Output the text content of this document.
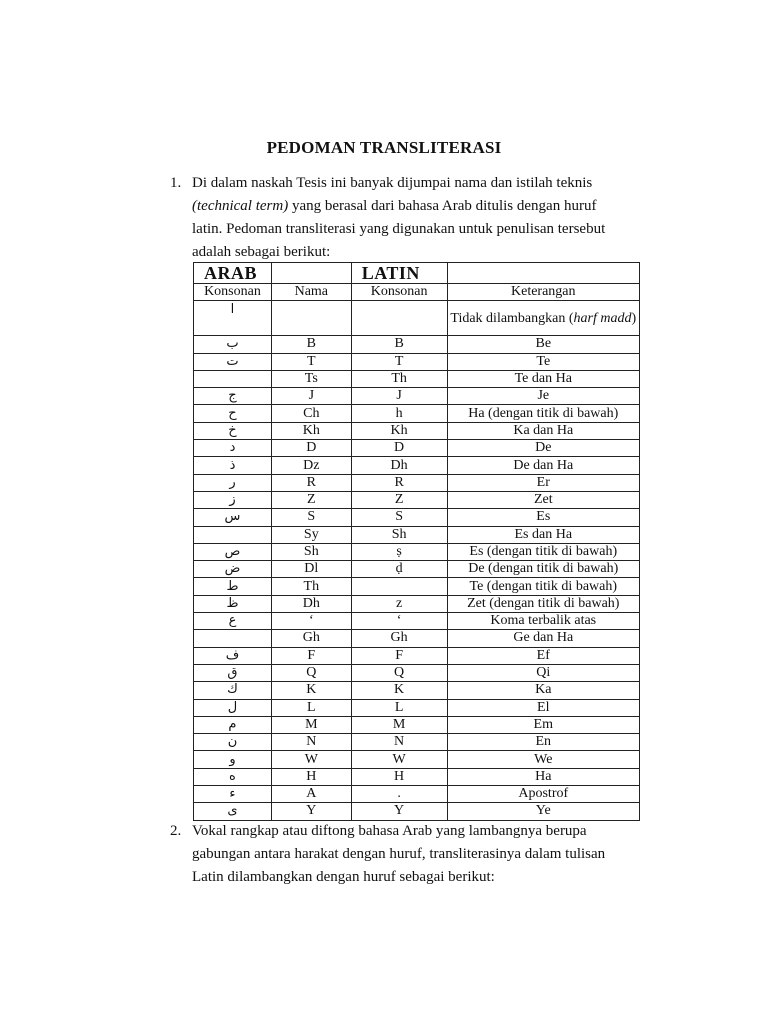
PEDOMAN TRANSLITERASI
1. Di dalam naskah Tesis ini banyak dijumpai nama dan istilah teknis
(technical term) yang berasal dari bahasa Arab ditulis dengan huruf
latin. Pedoman transliterasi yang digunakan untuk penulisan tersebut
adalah sebagai berikut:
ARAB		LATIN	
Konsonan	Nama	Konsonan	Keterangan
ا			Tidak dilambangkan (harf madd)
ب	B	B	Be
ت	T	T	Te
	Ts	Th	Te dan Ha
ج	J	J	Je
ح	Ch	h	Ha (dengan titik di bawah)
خ	Kh	Kh	Ka dan Ha
د	D	D	De
ذ	Dz	Dh	De dan Ha
ر	R	R	Er
ز	Z	Z	Zet
س	S	S	Es
	Sy	Sh	Es dan Ha
ص	Sh	ṣ	Es (dengan titik di bawah)
ض	Dl	ḍ	De (dengan titik di bawah)
ط	Th		Te (dengan titik di bawah)
ظ	Dh	z	Zet (dengan titik di bawah)
ع	‘	‘	Koma terbalik atas
	Gh	Gh	Ge dan Ha
ف	F	F	Ef
ق	Q	Q	Qi
ك	K	K	Ka
ل	L	L	El
م	M	M	Em
ن	N	N	En
و	W	W	We
ه	H	H	Ha
ء	A	.	Apostrof
ى	Y	Y	Ye
2. Vokal rangkap atau diftong bahasa Arab yang lambangnya berupa
gabungan antara harakat dengan huruf, transliterasinya dalam tulisan
Latin dilambangkan dengan huruf sebagai berikut:
